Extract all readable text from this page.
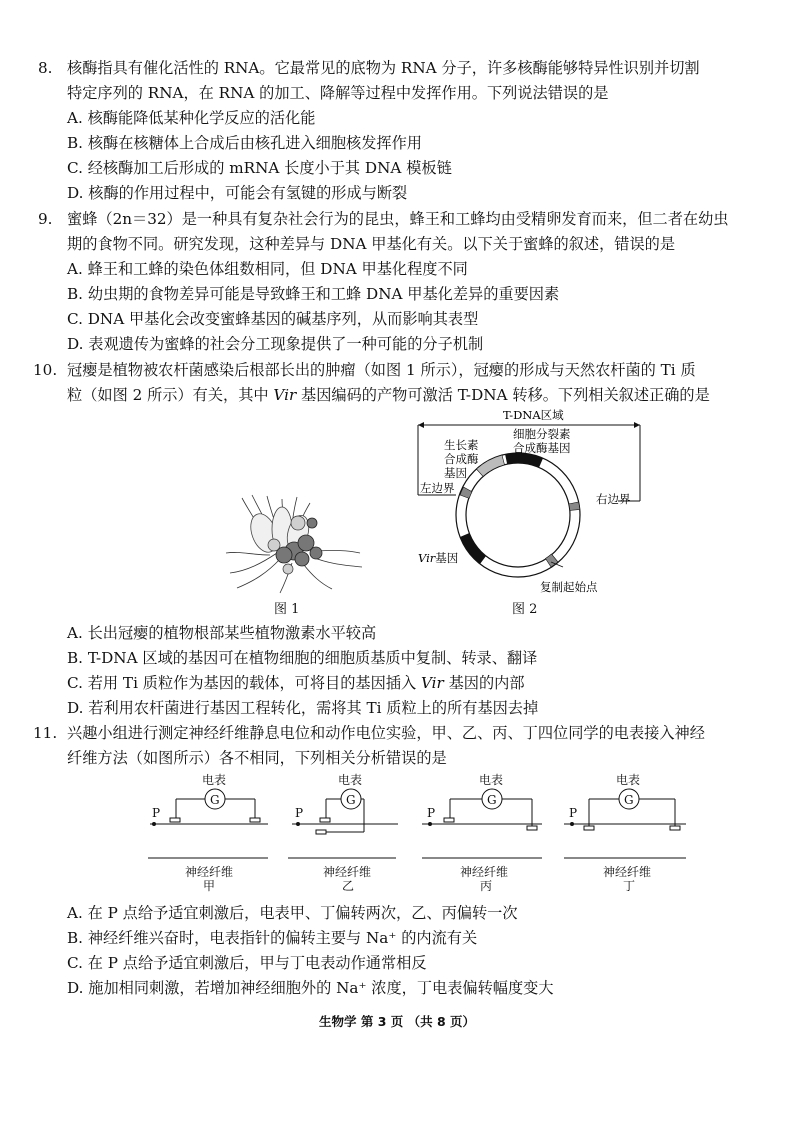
8. 核酶指具有催化活性的 RNA。它最常见的底物为 RNA 分子，许多核酶能够特异性识别并切割
特定序列的 RNA，在 RNA 的加工、降解等过程中发挥作用。下列说法错误的是
A. 核酶能降低某种化学反应的活化能
B. 核酶在核糖体上合成后由核孔进入细胞核发挥作用
C. 经核酶加工后形成的 mRNA 长度小于其 DNA 模板链
D. 核酶的作用过程中，可能会有氢键的形成与断裂
9. 蜜蜂（2n＝32）是一种具有复杂社会行为的昆虫，蜂王和工蜂均由受精卵发育而来，但二者在幼虫
期的食物不同。研究发现，这种差异与 DNA 甲基化有关。以下关于蜜蜂的叙述，错误的是
A. 蜂王和工蜂的染色体组数相同，但 DNA 甲基化程度不同
B. 幼虫期的食物差异可能是导致蜂王和工蜂 DNA 甲基化差异的重要因素
C. DNA 甲基化会改变蜜蜂基因的碱基序列，从而影响其表型
D. 表观遗传为蜜蜂的社会分工现象提供了一种可能的分子机制
10. 冠瘿是植物被农杆菌感染后根部长出的肿瘤（如图 1 所示），冠瘿的形成与天然农杆菌的 Ti 质
粒（如图 2 所示）有关，其中 Vir 基因编码的产物可激活 T-DNA 转移。下列相关叙述正确的是
图 1
T-DNA区域
细胞分裂素
合成酶基因
生长素
合成酶
基因
左边界
右边界
Vir基因
复制起始点
图 2
A. 长出冠瘿的植物根部某些植物激素水平较高
B. T-DNA 区域的基因可在植物细胞的细胞质基质中复制、转录、翻译
C. 若用 Ti 质粒作为基因的载体，可将目的基因插入 Vir 基因的内部
D. 若利用农杆菌进行基因工程转化，需将其 Ti 质粒上的所有基因去掉
11. 兴趣小组进行测定神经纤维静息电位和动作电位实验，甲、乙、丙、丁四位同学的电表接入神经
纤维方法（如图所示）各不相同，下列相关分析错误的是
电表
G
P
神经纤维
甲
电表
G
P
神经纤维
乙
电表
G
P
神经纤维
丙
电表
G
P
神经纤维
丁
A. 在 P 点给予适宜刺激后，电表甲、丁偏转两次，乙、丙偏转一次
B. 神经纤维兴奋时，电表指针的偏转主要与 Na⁺ 的内流有关
C. 在 P 点给予适宜刺激后，甲与丁电表动作通常相反
D. 施加相同刺激，若增加神经细胞外的 Na⁺ 浓度，丁电表偏转幅度变大
生物学 第 3 页 （共 8 页）
